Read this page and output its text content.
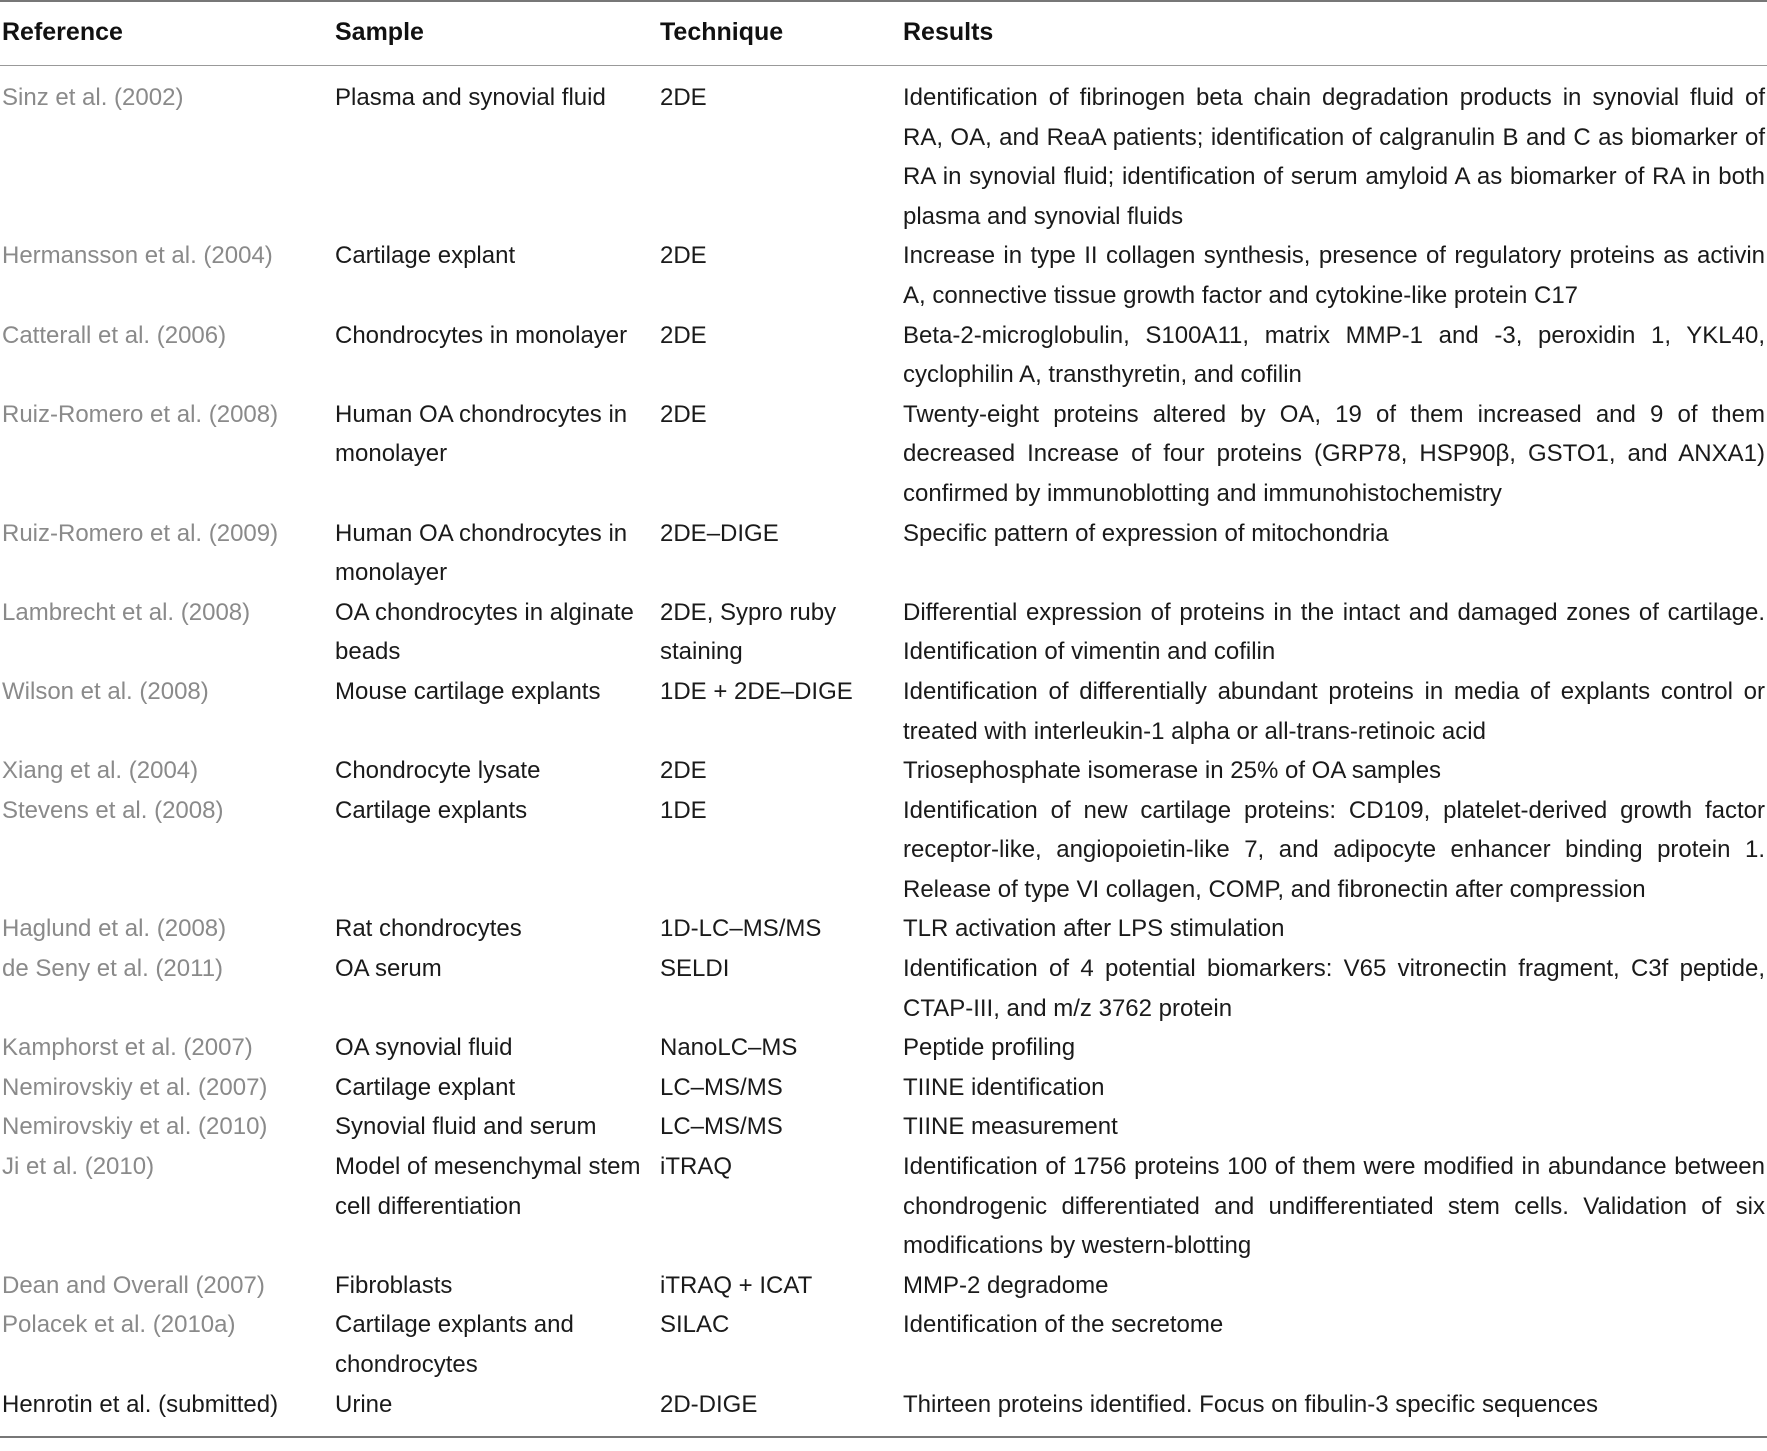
Reference	Sample	Technique	Results
Sinz et al. (2002)	Plasma and synovial fluid	2DE	Identification of fibrinogen beta chain degradation products in synovial fluid of RA, OA, and ReaA patients; identification of calgranulin B and C as biomarker of RA in synovial fluid; identification of serum amyloid A as biomarker of RA in both plasma and synovial fluids
Hermansson et al. (2004)	Cartilage explant	2DE	Increase in type II collagen synthesis, presence of regulatory proteins as activin A, connective tissue growth factor and cytokine-like protein C17
Catterall et al. (2006)	Chondrocytes in monolayer	2DE	Beta-2-microglobulin, S100A11, matrix MMP-1 and -3, peroxidin 1, YKL40, cyclophilin A, transthyretin, and cofilin
Ruiz-Romero et al. (2008)	Human OA chondrocytes in monolayer	2DE	Twenty-eight proteins altered by OA, 19 of them increased and 9 of them decreased Increase of four proteins (GRP78, HSP90β, GSTO1, and ANXA1) confirmed by immunoblotting and immunohistochemistry
Ruiz-Romero et al. (2009)	Human OA chondrocytes in monolayer	2DE–DIGE	Specific pattern of expression of mitochondria
Lambrecht et al. (2008)	OA chondrocytes in alginate beads	2DE, Sypro ruby staining	Differential expression of proteins in the intact and damaged zones of cartilage. Identification of vimentin and cofilin
Wilson et al. (2008)	Mouse cartilage explants	1DE + 2DE–DIGE	Identification of differentially abundant proteins in media of explants control or treated with interleukin-1 alpha or all-trans-retinoic acid
Xiang et al. (2004)	Chondrocyte lysate	2DE	Triosephosphate isomerase in 25% of OA samples
Stevens et al. (2008)	Cartilage explants	1DE	Identification of new cartilage proteins: CD109, platelet-derived growth factor receptor-like, angiopoietin-like 7, and adipocyte enhancer binding protein 1. Release of type VI collagen, COMP, and fibronectin after compression
Haglund et al. (2008)	Rat chondrocytes	1D-LC–MS/MS	TLR activation after LPS stimulation
de Seny et al. (2011)	OA serum	SELDI	Identification of 4 potential biomarkers: V65 vitronectin fragment, C3f peptide, CTAP-III, and m/z 3762 protein
Kamphorst et al. (2007)	OA synovial fluid	NanoLC–MS	Peptide profiling
Nemirovskiy et al. (2007)	Cartilage explant	LC–MS/MS	TIINE identification
Nemirovskiy et al. (2010)	Synovial fluid and serum	LC–MS/MS	TIINE measurement
Ji et al. (2010)	Model of mesenchymal stem cell differentiation	iTRAQ	Identification of 1756 proteins 100 of them were modified in abundance between chondrogenic differentiated and undifferentiated stem cells. Validation of six modifications by western-blotting
Dean and Overall (2007)	Fibroblasts	iTRAQ + ICAT	MMP-2 degradome
Polacek et al. (2010a)	Cartilage explants and chondrocytes	SILAC	Identification of the secretome
Henrotin et al. (submitted)	Urine	2D-DIGE	Thirteen proteins identified. Focus on fibulin-3 specific sequences
